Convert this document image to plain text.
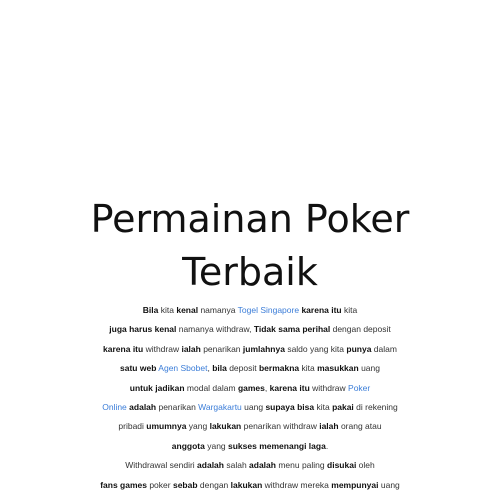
Permainan Poker
Terbaik
Bila kita kenal namanya Togel Singapore karena itu kita
juga harus kenal namanya withdraw, Tidak sama perihal dengan deposit
karena itu withdraw ialah penarikan jumlahnya saldo yang kita punya dalam
satu web Agen Sbobet, bila deposit bermakna kita masukkan uang
untuk jadikan modal dalam games, karena itu withdraw Poker
Online adalah penarikan Wargakartu uang supaya bisa kita pakai di rekening
pribadi umumnya yang lakukan penarikan withdraw ialah orang atau
anggota yang sukses memenangi laga.
Withdrawal sendiri adalah salah adalah menu paling disukai oleh
fans games poker sebab dengan lakukan withdraw mereka mempunyai uang
